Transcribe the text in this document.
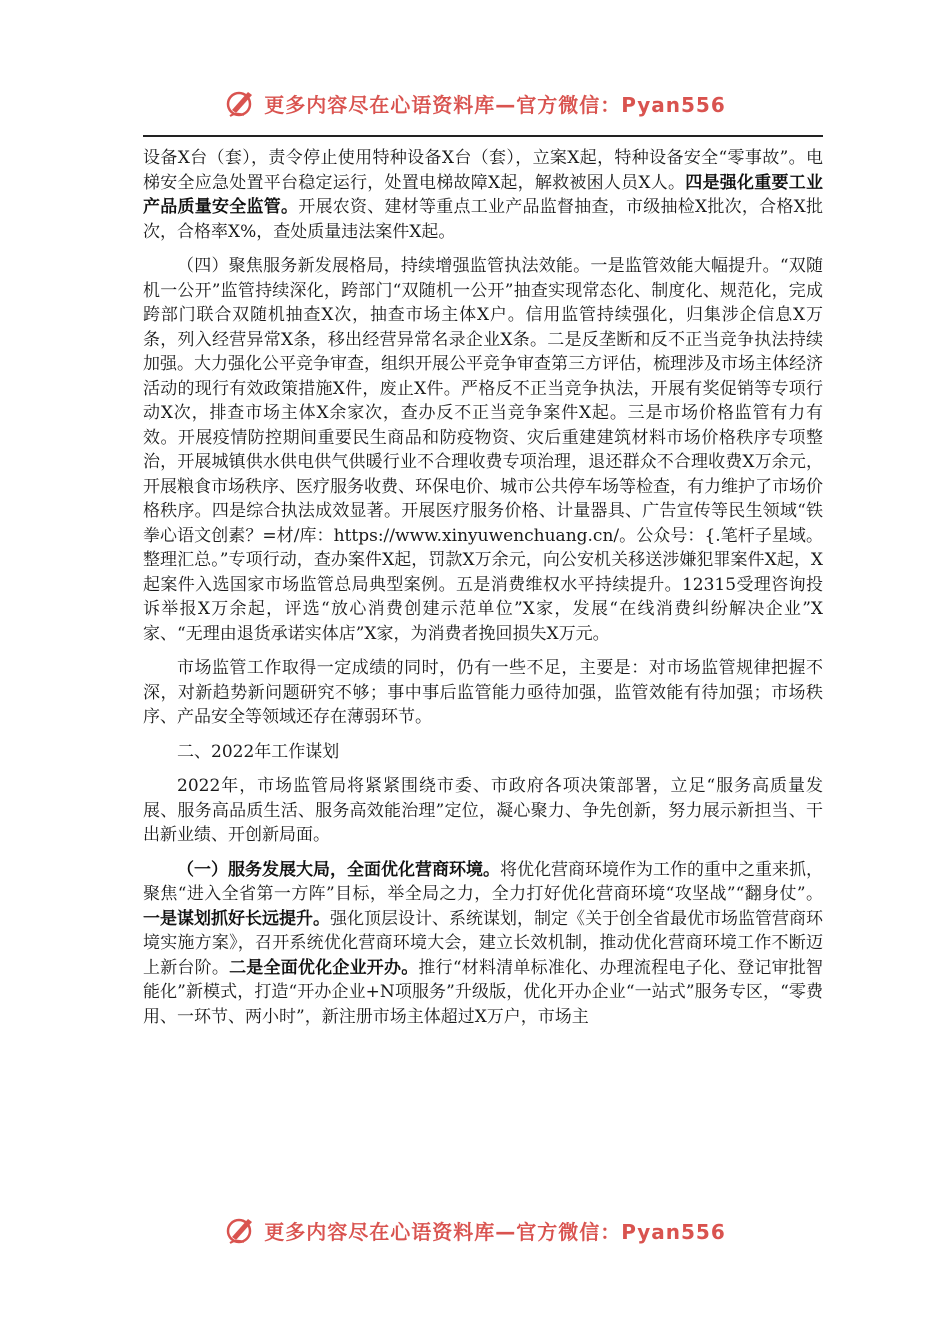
更多内容尽在心语资料库—官方微信：Pyan556

设备X台（套），责令停止使用特种设备X台（套），立案X起，特种设备安全“零事故”。电梯安全应急处置平台稳定运行，处置电梯故障X起，解救被困人员X人。四是强化重要工业产品质量安全监管。开展农资、建材等重点工业产品监督抽查，市级抽检X批次，合格X批次，合格率X%，查处质量违法案件X起。

（四）聚焦服务新发展格局，持续增强监管执法效能。一是监管效能大幅提升。“双随机一公开”监管持续深化，跨部门“双随机一公开”抽查实现常态化、制度化、规范化，完成跨部门联合双随机抽查X次，抽查市场主体X户。信用监管持续强化，归集涉企信息X万条，列入经营异常X条，移出经营异常名录企业X条。二是反垄断和反不正当竞争执法持续加强。大力强化公平竞争审查，组织开展公平竞争审查第三方评估，梳理涉及市场主体经济活动的现行有效政策措施X件，废止X件。严格反不正当竞争执法，开展有奖促销等专项行动X次，排查市场主体X余家次，查办反不正当竞争案件X起。三是市场价格监管有力有效。开展疫情防控期间重要民生商品和防疫物资、灾后重建建筑材料市场价格秩序专项整治，开展城镇供水供电供气供暖行业不合理收费专项治理，退还群众不合理收费X万余元，开展粮食市场秩序、医疗服务收费、环保电价、城市公共停车场等检查，有力维护了市场价格秩序。四是综合执法成效显著。开展医疗服务价格、计量器具、广告宣传等民生领域“铁拳心语文创素？=材/库：https://www.xinyuwenchuang.cn/。公众号：{.笔杆子星域。整理汇总。”专项行动，查办案件X起，罚款X万余元，向公安机关移送涉嫌犯罪案件X起，X起案件入选国家市场监管总局典型案例。五是消费维权水平持续提升。12315受理咨询投诉举报X万余起，评选“放心消费创建示范单位”X家，发展“在线消费纠纷解决企业”X家、“无理由退货承诺实体店”X家，为消费者挽回损失X万元。

市场监管工作取得一定成绩的同时，仍有一些不足，主要是：对市场监管规律把握不深，对新趋势新问题研究不够；事中事后监管能力亟待加强，监管效能有待加强；市场秩序、产品安全等领域还存在薄弱环节。

二、2022年工作谋划

2022年，市场监管局将紧紧围绕市委、市政府各项决策部署，立足“服务高质量发展、服务高品质生活、服务高效能治理”定位，凝心聚力、争先创新，努力展示新担当、干出新业绩、开创新局面。

（一）服务发展大局，全面优化营商环境。将优化营商环境作为工作的重中之重来抓，聚焦“进入全省第一方阵”目标，举全局之力，全力打好优化营商环境“攻坚战”“翻身仗”。一是谋划抓好长远提升。强化顶层设计、系统谋划，制定《关于创全省最优市场监管营商环境实施方案》，召开系统优化营商环境大会，建立长效机制，推动优化营商环境工作不断迈上新台阶。二是全面优化企业开办。推行“材料清单标准化、办理流程电子化、登记审批智能化”新模式，打造“开办企业+N项服务”升级版，优化开办企业“一站式”服务专区，“零费用、一环节、两小时”，新注册市场主体超过X万户，市场主

更多内容尽在心语资料库—官方微信：Pyan556
